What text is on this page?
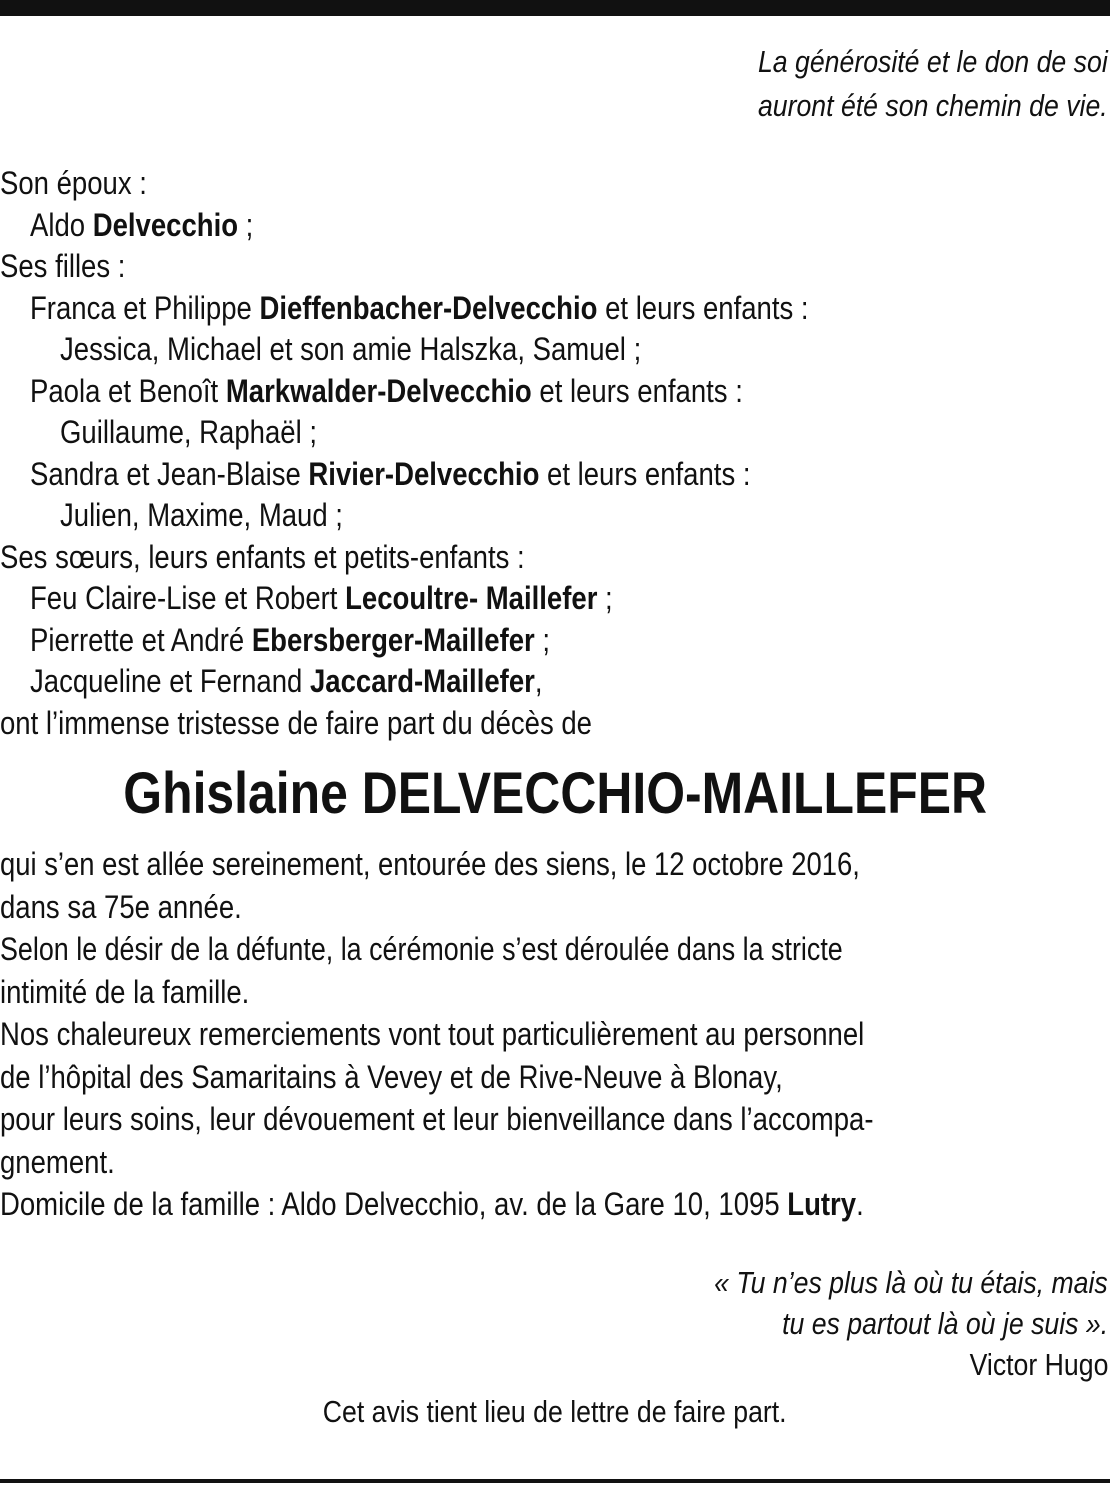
La générosité et le don de soi
auront été son chemin de vie.
Son époux :
Aldo Delvecchio ;
Ses filles :
Franca et Philippe Dieffenbacher-Delvecchio et leurs enfants :
Jessica, Michael et son amie Halszka, Samuel ;
Paola et Benoît Markwalder-Delvecchio et leurs enfants :
Guillaume, Raphaël ;
Sandra et Jean-Blaise Rivier-Delvecchio et leurs enfants :
Julien, Maxime, Maud ;
Ses sœurs, leurs enfants et petits-enfants :
Feu Claire-Lise et Robert Lecoultre- Maillefer ;
Pierrette et André Ebersberger-Maillefer ;
Jacqueline et Fernand Jaccard-Maillefer,
ont l’immense tristesse de faire part du décès de
Ghislaine DELVECCHIO-MAILLEFER
qui s’en est allée sereinement, entourée des siens, le 12 octobre 2016,
dans sa 75e année.
Selon le désir de la défunte, la cérémonie s’est déroulée dans la stricte
intimité de la famille.
Nos chaleureux remerciements vont tout particulièrement au personnel
de l’hôpital des Samaritains à Vevey et de Rive-Neuve à Blonay,
pour leurs soins, leur dévouement et leur bienveillance dans l’accompa-
gnement.
Domicile de la famille : Aldo Delvecchio, av. de la Gare 10, 1095 Lutry.
« Tu n’es plus là où tu étais, mais
tu es partout là où je suis ».
Victor Hugo
Cet avis tient lieu de lettre de faire part.
